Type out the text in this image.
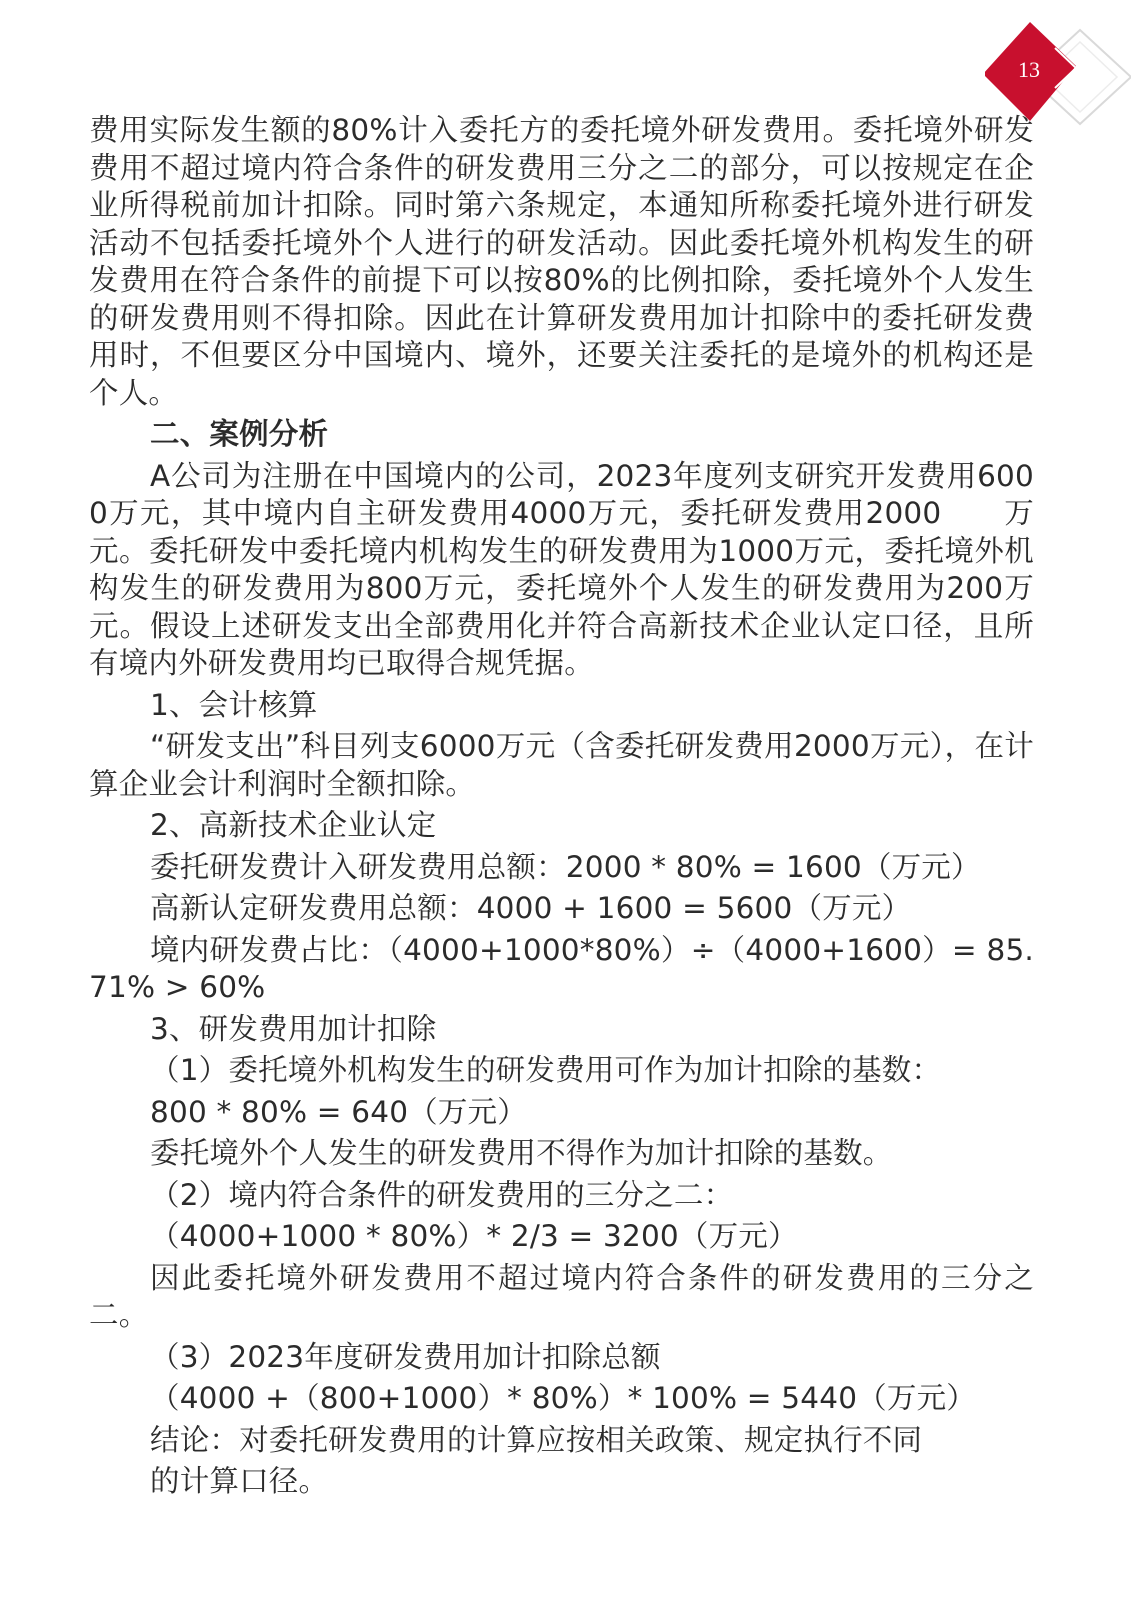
13

费用实际发生额的80%计入委托方的委托境外研发费用。委托境外研发费用不超过境内符合条件的研发费用三分之二的部分，可以按规定在企业所得税前加计扣除。同时第六条规定，本通知所称委托境外进行研发活动不包括委托境外个人进行的研发活动。因此委托境外机构发生的研发费用在符合条件的前提下可以按80%的比例扣除，委托境外个人发生的研发费用则不得扣除。因此在计算研发费用加计扣除中的委托研发费用时，不但要区分中国境内、境外，还要关注委托的是境外的机构还是个人。

二、案例分析

A公司为注册在中国境内的公司，2023年度列支研究开发费用6000万元，其中境内自主研发费用4000万元，委托研发费用2000　　万元。委托研发中委托境内机构发生的研发费用为1000万元，委托境外机构发生的研发费用为800万元，委托境外个人发生的研发费用为200万元。假设上述研发支出全部费用化并符合高新技术企业认定口径，且所有境内外研发费用均已取得合规凭据。

1、会计核算

“研发支出”科目列支6000万元（含委托研发费用2000万元），在计算企业会计利润时全额扣除。

2、高新技术企业认定

委托研发费计入研发费用总额：2000 * 80% = 1600（万元）

高新认定研发费用总额：4000 + 1600 = 5600（万元）

境内研发费占比：（4000+1000*80%）÷（4000+1600）= 85.71% > 60%

3、研发费用加计扣除

（1）委托境外机构发生的研发费用可作为加计扣除的基数：

800 * 80% = 640（万元）

委托境外个人发生的研发费用不得作为加计扣除的基数。

（2）境内符合条件的研发费用的三分之二：

（4000+1000 * 80%）* 2/3 = 3200（万元）

因此委托境外研发费用不超过境内符合条件的研发费用的三分之二。

（3）2023年度研发费用加计扣除总额

（4000 +（800+1000）* 80%）* 100% = 5440（万元）

结论：对委托研发费用的计算应按相关政策、规定执行不同

的计算口径。
